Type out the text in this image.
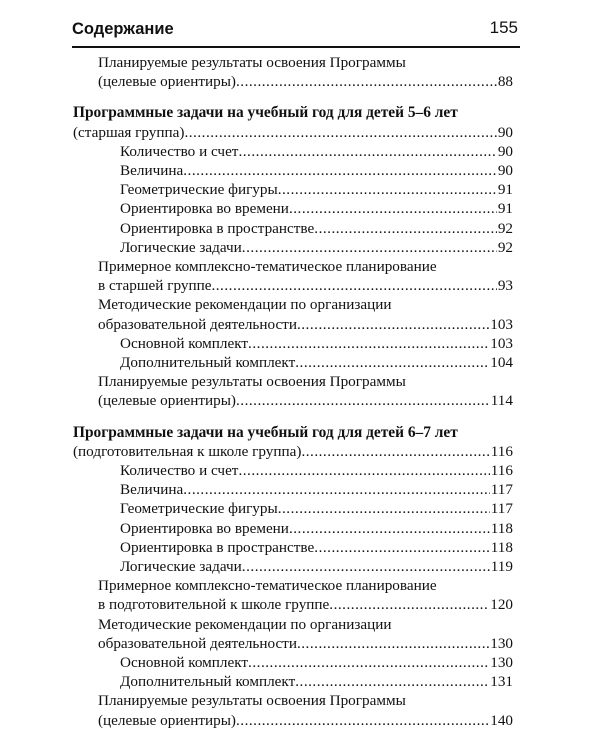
Содержание	155
Планируемые результаты освоения Программы
(целевые ориентиры) .....	88
Программные задачи на учебный год для детей 5–6 лет
(старшая группа) .....	90
Количество и счет .....	90
Величина .....	90
Геометрические фигуры .....	91
Ориентировка во времени .....	91
Ориентировка в пространстве .....	92
Логические задачи .....	92
Примерное комплексно-тематическое планирование
в старшей группе .....	93
Методические рекомендации по организации
образовательной деятельности .....	103
Основной комплект .....	103
Дополнительный комплект .....	104
Планируемые результаты освоения Программы
(целевые ориентиры) .....	114
Программные задачи на учебный год для детей 6–7 лет
(подготовительная к школе группа) .....	116
Количество и счет .....	116
Величина .....	117
Геометрические фигуры .....	117
Ориентировка во времени .....	118
Ориентировка в пространстве .....	118
Логические задачи .....	119
Примерное комплексно-тематическое планирование
в подготовительной к школе группе .....	120
Методические рекомендации по организации
образовательной деятельности .....	130
Основной комплект .....	130
Дополнительный комплект .....	131
Планируемые результаты освоения Программы
(целевые ориентиры) .....	140
